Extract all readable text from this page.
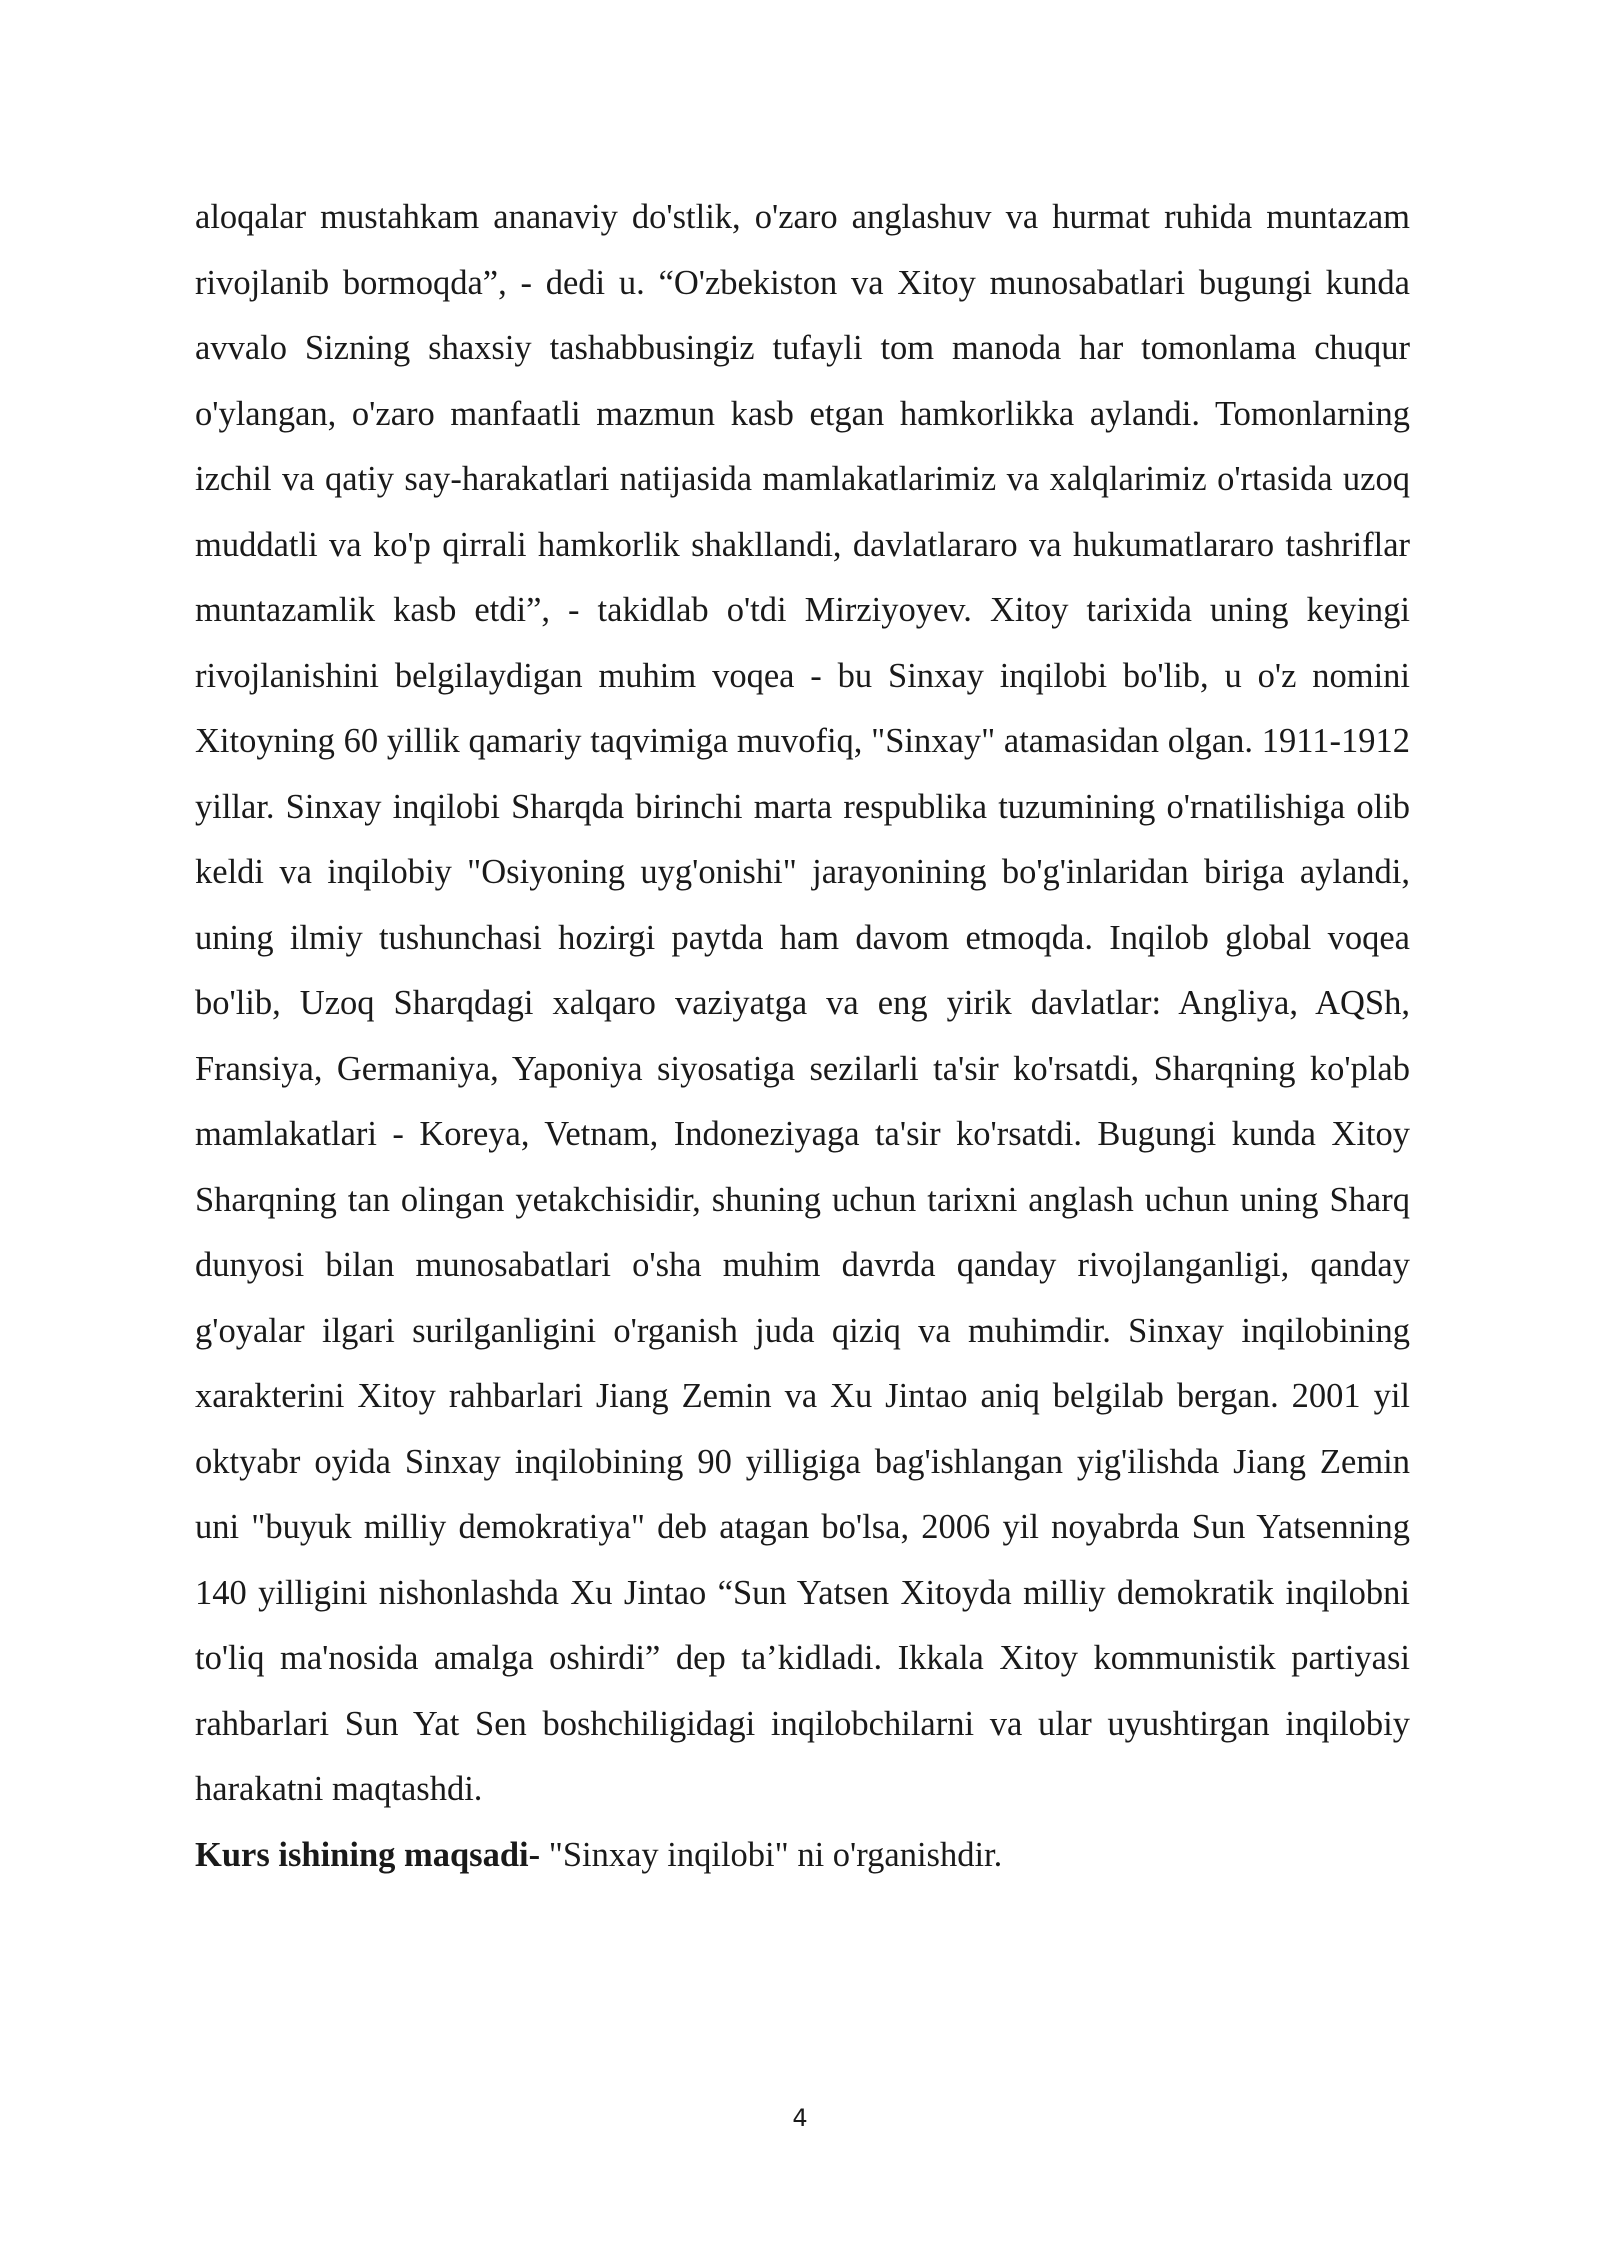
aloqalar mustahkam ananaviy do'stlik, o'zaro anglashuv va hurmat ruhida muntazam rivojlanib bormoqda”, - dedi u. “O'zbekiston va Xitoy munosabatlari bugungi kunda avvalo Sizning shaxsiy tashabbusingiz tufayli tom manoda har tomonlama chuqur o'ylangan, o'zaro manfaatli mazmun kasb etgan hamkorlikka aylandi. Tomonlarning izchil va qatiy say-harakatlari natijasida mamlakatlarimiz va xalqlarimiz o'rtasida uzoq muddatli va ko'p qirrali hamkorlik shakllandi, davlatlararo va hukumatlararo tashriflar muntazamlik kasb etdi”, - takidlab o'tdi Mirziyoyev. Xitoy tarixida uning keyingi rivojlanishini belgilaydigan muhim voqea - bu Sinxay inqilobi bo'lib, u o'z nomini Xitoyning 60 yillik qamariy taqvimiga muvofiq, "Sinxay" atamasidan olgan. 1911-1912 yillar. Sinxay inqilobi Sharqda birinchi marta respublika tuzumining o'rnatilishiga olib keldi va inqilobiy "Osiyoning uyg'onishi" jarayonining bo'g'inlaridan biriga aylandi, uning ilmiy tushunchasi hozirgi paytda ham davom etmoqda. Inqilob global voqea bo'lib, Uzoq Sharqdagi xalqaro vaziyatga va eng yirik davlatlar: Angliya, AQSh, Fransiya, Germaniya, Yaponiya siyosatiga sezilarli ta'sir ko'rsatdi, Sharqning ko'plab mamlakatlari - Koreya, Vetnam, Indoneziyaga ta'sir ko'rsatdi. Bugungi kunda Xitoy Sharqning tan olingan yetakchisidir, shuning uchun tarixni anglash uchun uning Sharq dunyosi bilan munosabatlari o'sha muhim davrda qanday rivojlanganligi, qanday g'oyalar ilgari surilganligini o'rganish juda qiziq va muhimdir. Sinxay inqilobining xarakterini Xitoy rahbarlari Jiang Zemin va Xu Jintao aniq belgilab bergan. 2001 yil oktyabr oyida Sinxay inqilobining 90 yilligiga bag'ishlangan yig'ilishda Jiang Zemin uni "buyuk milliy demokratiya" deb atagan bo'lsa, 2006 yil noyabrda Sun Yatsenning 140 yilligini nishonlashda Xu Jintao “Sun Yatsen Xitoyda milliy demokratik inqilobni to'liq ma'nosida amalga oshirdi” dep ta’kidladi. Ikkala Xitoy kommunistik partiyasi rahbarlari Sun Yat Sen boshchiligidagi inqilobchilarni va ular uyushtirgan inqilobiy harakatni maqtashdi.

Kurs ishining maqsadi- "Sinxay inqilobi" ni o'rganishdir.

4
